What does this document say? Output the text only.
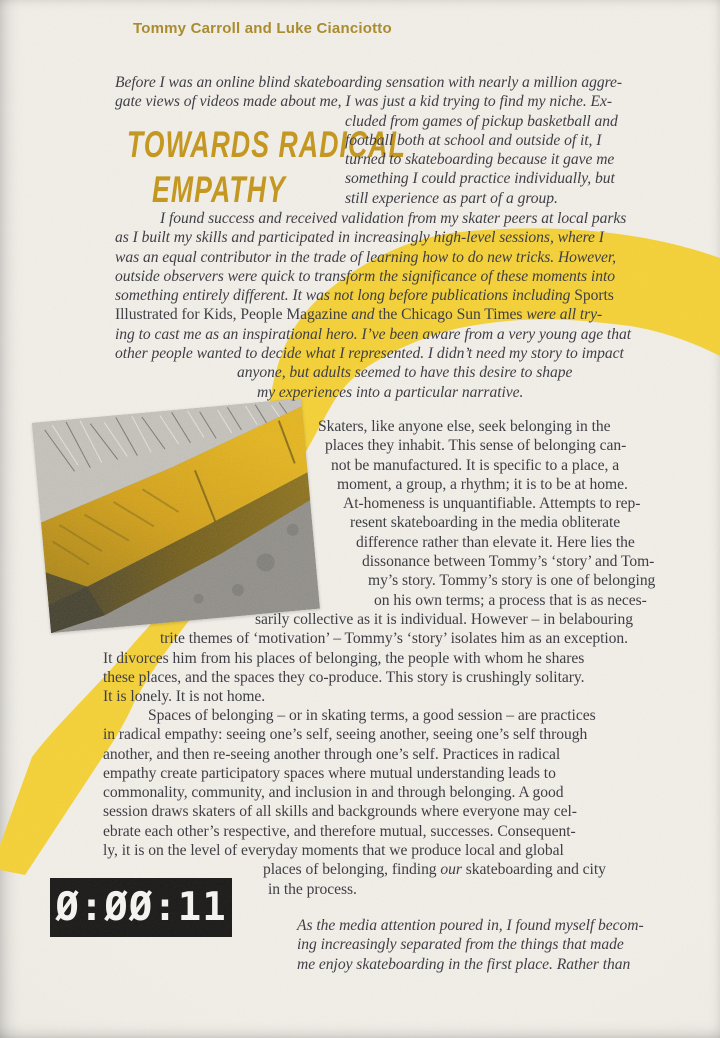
Tommy Carroll and Luke Cianciotto
TOWARDS RADICAL
EMPATHY
Before I was an online blind skateboarding sensation with nearly a million aggre-
gate views of videos made about me, I was just a kid trying to find my niche. Ex-
cluded from games of pickup basketball and
football both at school and outside of it, I
turned to skateboarding because it gave me
something I could practice individually, but
still experience as part of a group.
I found success and received validation from my skater peers at local parks
as I built my skills and participated in increasingly high-level sessions, where I
was an equal contributor in the trade of learning how to do new tricks. However,
outside observers were quick to transform the significance of these moments into
something entirely different. It was not long before publications including Sports
Illustrated for Kids, People Magazine and the Chicago Sun Times were all try-
ing to cast me as an inspirational hero. I’ve been aware from a very young age that
other people wanted to decide what I represented. I didn’t need my story to impact
anyone, but adults seemed to have this desire to shape
my experiences into a particular narrative.
Skaters, like anyone else, seek belonging in the
places they inhabit. This sense of belonging can-
not be manufactured. It is specific to a place, a
moment, a group, a rhythm; it is to be at home.
At-homeness is unquantifiable. Attempts to rep-
resent skateboarding in the media obliterate
difference rather than elevate it. Here lies the
dissonance between Tommy’s ‘story’ and Tom-
my’s story. Tommy’s story is one of belonging
on his own terms; a process that is as neces-
sarily collective as it is individual. However – in belabouring
trite themes of ‘motivation’ – Tommy’s ‘story’ isolates him as an exception.
It divorces him from his places of belonging, the people with whom he shares
these places, and the spaces they co-produce. This story is crushingly solitary.
It is lonely. It is not home.
Spaces of belonging – or in skating terms, a good session – are practices
in radical empathy: seeing one’s self, seeing another, seeing one’s self through
another, and then re-seeing another through one’s self. Practices in radical
empathy create participatory spaces where mutual understanding leads to
commonality, community, and inclusion in and through belonging. A good
session draws skaters of all skills and backgrounds where everyone may cel-
ebrate each other’s respective, and therefore mutual, successes. Consequent-
ly, it is on the level of everyday moments that we produce local and global
places of belonging, finding our skateboarding and city
in the process.
As the media attention poured in, I found myself becom-
ing increasingly separated from the things that made
me enjoy skateboarding in the first place. Rather than
Ø:ØØ:11
